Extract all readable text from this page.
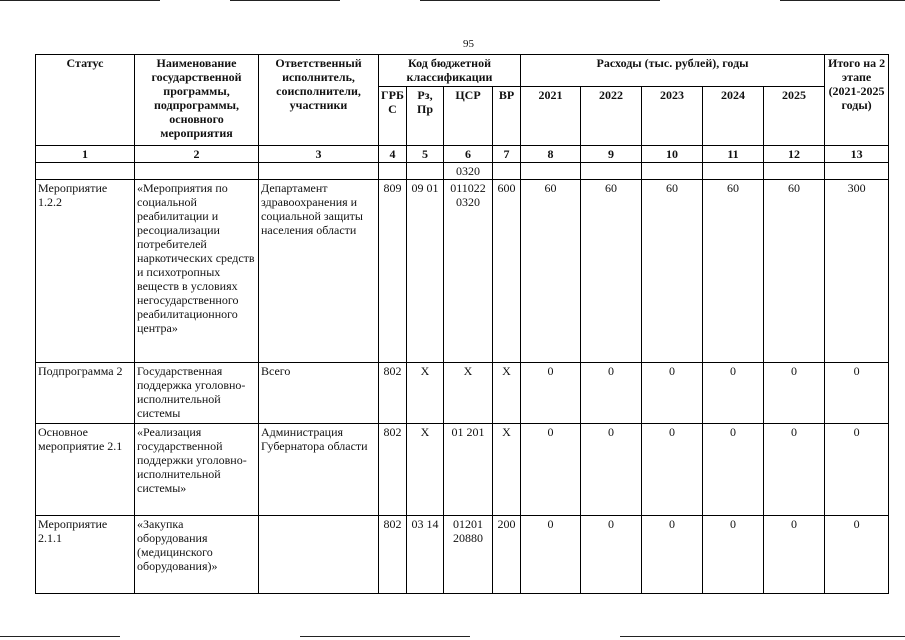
95
Статус	Наименование государственной программы, подпрограммы, основного мероприятия	Ответственный исполнитель, соисполнители, участники	Код бюджетной классификации				Расходы (тыс. рублей), годы					Итого на 2 этапе (2021-2025 годы)
			ГРБ С	Рз, Пр	ЦСР	ВР	2021	2022	2023	2024	2025	
1	2	3	4	5	6	7	8	9	10	11	12	13
					0320							
Мероприятие 1.2.2	«Мероприятия по социальной реабилитации и ресоциализации потребителей наркотических средств и психотропных веществ в условиях негосударственного реабилитационного центра»	Департамент здравоохранения и социальной защиты населения области	809	09 01	011022 0320	600	60	60	60	60	60	300
Подпрограмма 2	Государственная поддержка уголовно-исполнительной системы	Всего	802	X	X	X	0	0	0	0	0	0
Основное мероприятие 2.1	«Реализация государственной поддержки уголовно-исполнительной системы»	Администрация Губернатора области	802	X	01 201	X	0	0	0	0	0	0
Мероприятие 2.1.1	«Закупка оборудования (медицинского оборудования)»		802	03 14	01201 20880	200	0	0	0	0	0	0
